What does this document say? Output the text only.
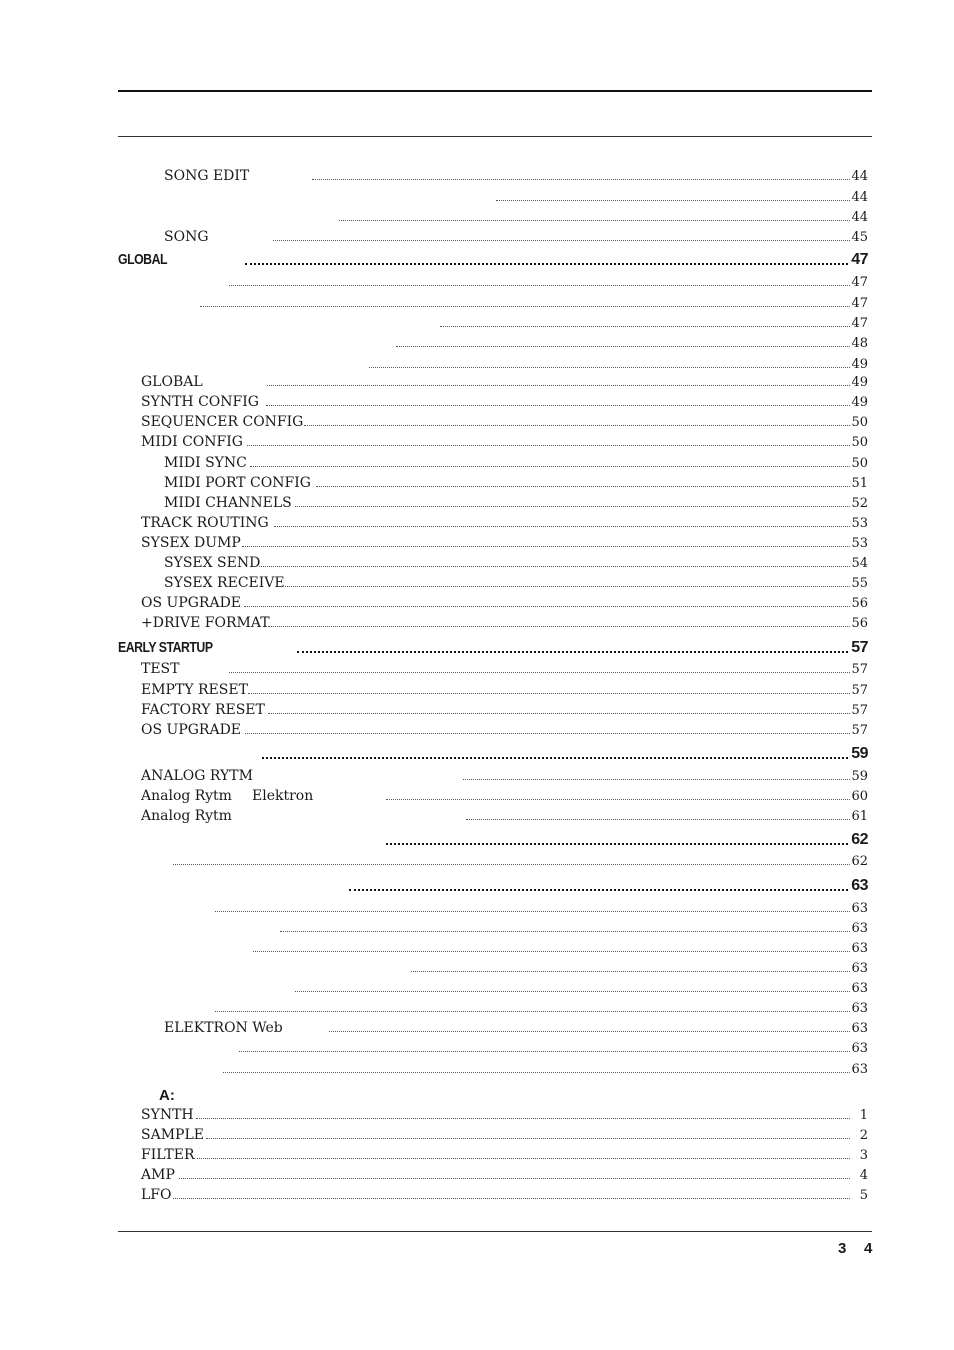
SONG EDIT	44
44
44
SONG	45
GLOBAL	47
47
47
47
48
49
GLOBAL	49
SYNTH CONFIG	49
SEQUENCER CONFIG	50
MIDI CONFIG	50
MIDI SYNC	50
MIDI PORT CONFIG	51
MIDI CHANNELS	52
TRACK ROUTING	53
SYSEX DUMP	53
SYSEX SEND	54
SYSEX RECEIVE	55
OS UPGRADE	56
+DRIVE FORMAT	56
EARLY STARTUP	57
TEST	57
EMPTY RESET	57
FACTORY RESET	57
OS UPGRADE	57
59
ANALOG RYTM	59
Analog Rytm Elektron	60
Analog Rytm	61
62
62
63
63
63
63
63
63
63
ELEKTRON Web	63
63
63
A:
SYNTH	1
SAMPLE	2
FILTER	3
AMP	4
LFO	5
3 4
